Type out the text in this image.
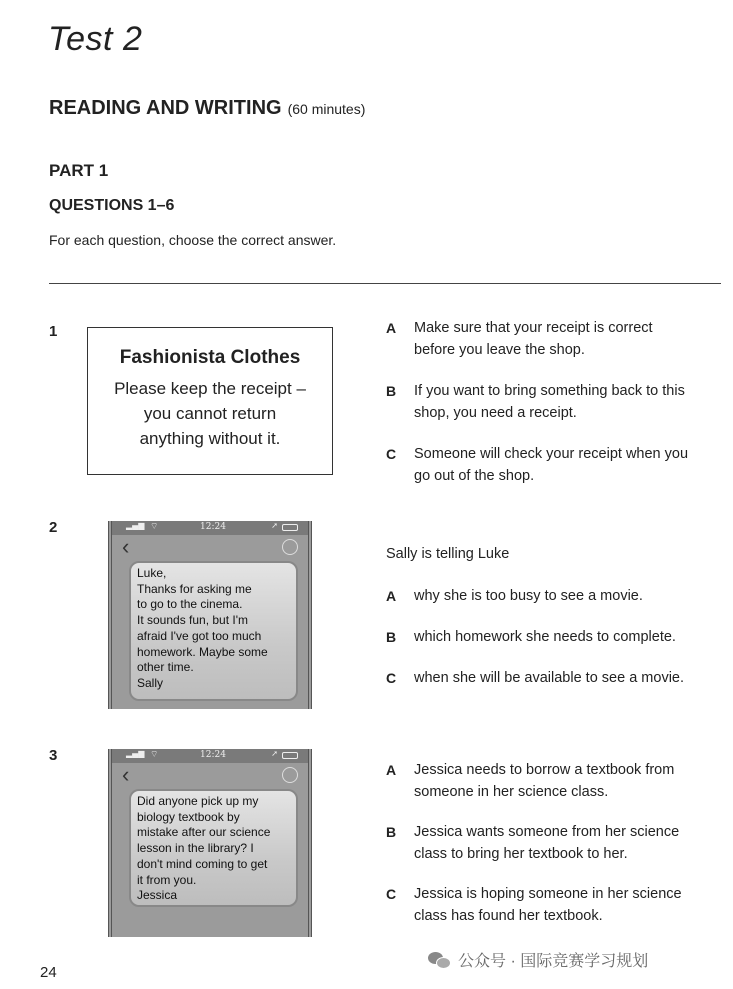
Test 2
READING AND WRITING (60 minutes)
PART 1
QUESTIONS 1–6
For each question, choose the correct answer.
1
Fashionista Clothes
Please keep the receipt –
you cannot return
anything without it.
A Make sure that your receipt is correct
before you leave the shop.
B If you want to bring something back to this
shop, you need a receipt.
C Someone will check your receipt when you
go out of the shop.
2	▂▄▆ ⌔	12:24	➚
‹
Luke,
Thanks for asking me
to go to the cinema.
It sounds fun, but I'm
afraid I've got too much
homework. Maybe some
other time.
Sally
Sally is telling Luke
A why she is too busy to see a movie.
B which homework she needs to complete.
C when she will be available to see a movie.
3	▂▄▆ ⌔	12:24	➚
‹
Did anyone pick up my
biology textbook by
mistake after our science
lesson in the library? I
don't mind coming to get
it from you.
Jessica
A Jessica needs to borrow a textbook from
someone in her science class.
B Jessica wants someone from her science
class to bring her textbook to her.
C Jessica is hoping someone in her science
class has found her textbook.
24
公众号 · 国际竞赛学习规划
